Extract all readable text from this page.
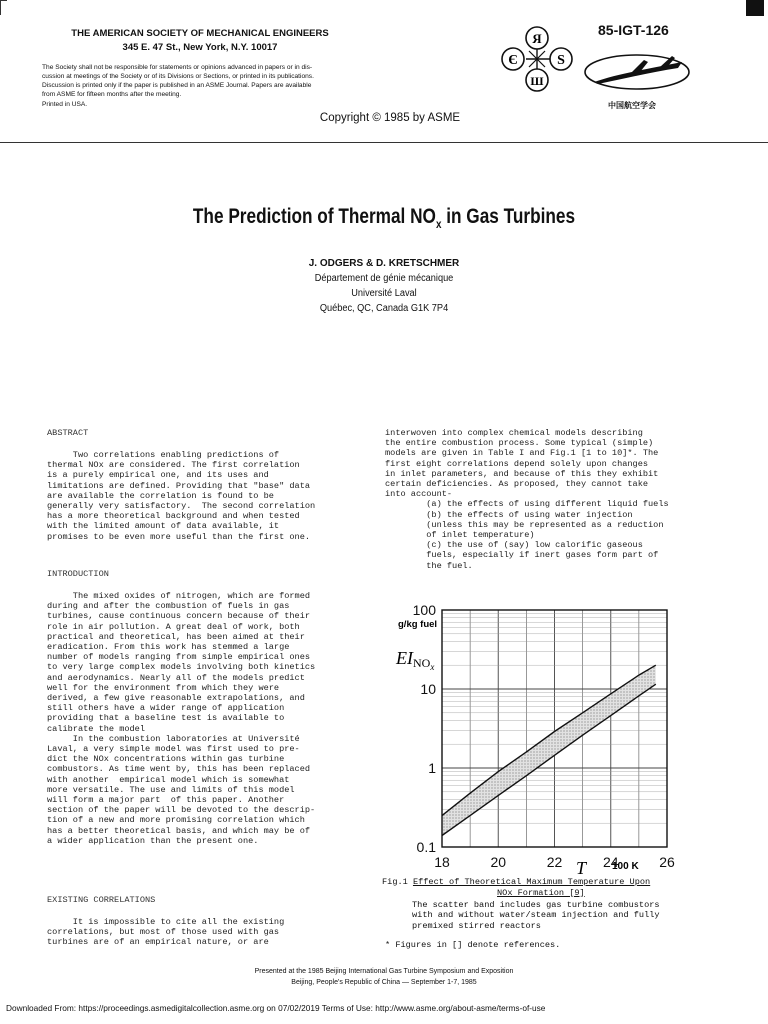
THE AMERICAN SOCIETY OF MECHANICAL ENGINEERS
345 E. 47 St., New York, N.Y. 10017
The Society shall not be responsible for statements or opinions advanced in papers or in dis-
cussion at meetings of the Society or of its Divisions or Sections, or printed in its publications.
Discussion is printed only if the paper is published in an ASME Journal. Papers are available
from ASME for fifteen months after the meeting.
Printed in USA.
85-IGT-126
Я
Є	S
Ш
中国航空学会
Copyright © 1985 by ASME
The Prediction of Thermal $NO_x$ in Gas Turbines
J. ODGERS & D. KRETSCHMER
Département de génie mécanique
Université Laval
Québec, QC, Canada G1K 7P4
ABSTRACT
Two correlations enabling predictions of
thermal NOx are considered. The first correlation
is a purely empirical one, and its uses and
limitations are defined. Providing that "base" data
are available the correlation is found to be
generally very satisfactory.  The second correlation
has a more theoretical background and when tested
with the limited amount of data available, it
promises to be even more useful than the first one.
INTRODUCTION
The mixed oxides of nitrogen, which are formed
during and after the combustion of fuels in gas
turbines, cause continuous concern because of their
role in air pollution. A great deal of work, both
practical and theoretical, has been aimed at their
eradication. From this work has stemmed a large
number of models ranging from simple empirical ones
to very large complex models involving both kinetics
and aerodynamics. Nearly all of the models predict
well for the environment from which they were
derived, a few give reasonable extrapolations, and
still others have a wider range of application
providing that a baseline test is available to
calibrate the model
In the combustion laboratories at Université
Laval, a very simple model was first used to pre-
dict the NOx concentrations within gas turbine
combustors. As time went by, this has been replaced
with another  empirical model which is somewhat
more versatile. The use and limits of this model
will form a major part  of this paper. Another
section of the paper will be devoted to the descrip-
tion of a new and more promising correlation which
has a better theoretical basis, and which may be of
a wider application than the present one.
EXISTING CORRELATIONS
It is impossible to cite all the existing
correlations, but most of those used with gas
turbines are of an empirical nature, or are
interwoven into complex chemical models describing
the entire combustion process. Some typical (simple)
models are given in Table I and Fig.1 [1 to 10]*. The
first eight correlations depend solely upon changes
in inlet parameters, and because of this they exhibit
certain deficiencies. As proposed, they cannot take
into account-
(a) the effects of using different liquid fuels
(b) the effects of using water injection
(unless this may be represented as a reduction
of inlet temperature)
(c) the use of (say) low calorific gaseous
fuels, especially if inert gases form part of
the fuel.
18	20	22	24	26
0.1
1
10
100
g/kg fuel
EINOx
T	100 K
Fig.1 Effect of Theoretical Maximum Temperature Upon
NOx Formation [9]
The scatter band includes gas turbine combustors
with and without water/steam injection and fully
premixed stirred reactors
* Figures in [] denote references.
Presented at the 1985 Beijing International Gas Turbine Symposium and Exposition
Beijing, People's Republic of China — September 1-7, 1985
Downloaded From: https://proceedings.asmedigitalcollection.asme.org on 07/02/2019 Terms of Use: http://www.asme.org/about-asme/terms-of-use
